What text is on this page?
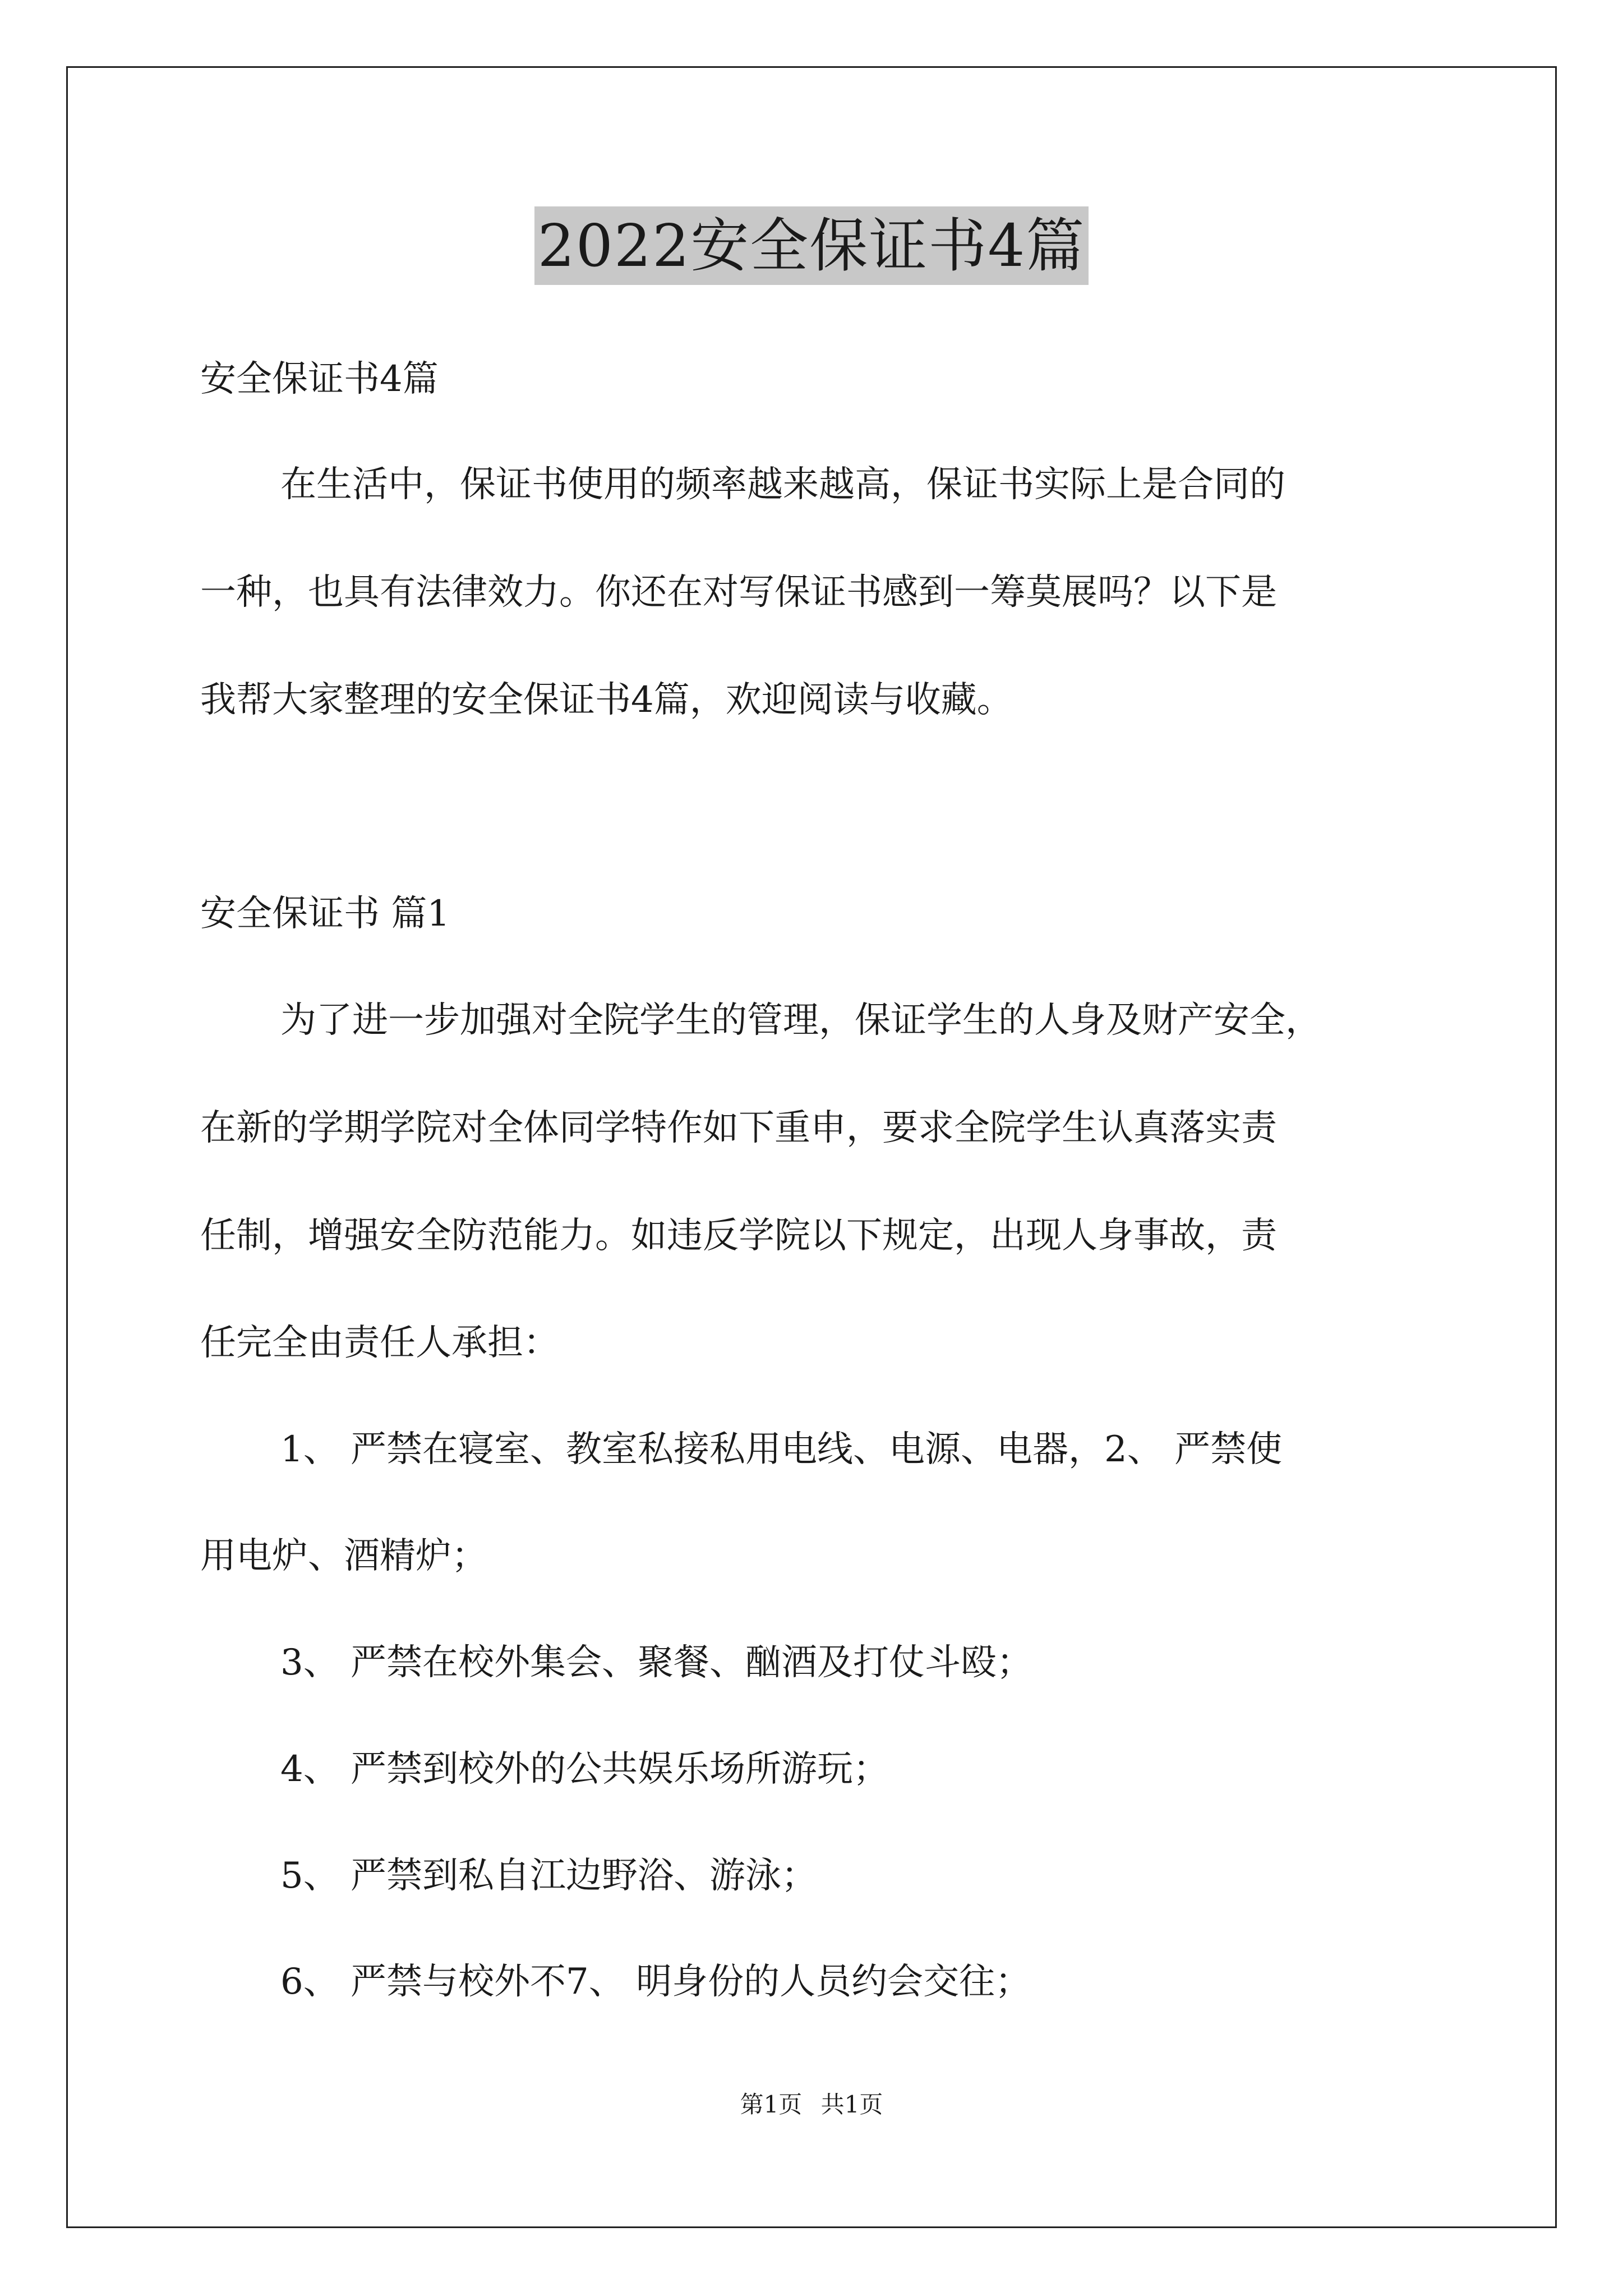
2022安全保证书4篇
安全保证书4篇
在生活中，保证书使用的频率越来越高，保证书实际上是合同的
一种，也具有法律效力。你还在对写保证书感到一筹莫展吗？以下是
我帮大家整理的安全保证书4篇，欢迎阅读与收藏。
安全保证书 篇1
为了进一步加强对全院学生的管理，保证学生的人身及财产安全，
在新的学期学院对全体同学特作如下重申，要求全院学生认真落实责
任制，增强安全防范能力。如违反学院以下规定，出现人身事故，责
任完全由责任人承担：
1、 严禁在寝室、教室私接私用电线、电源、电器，2、 严禁使
用电炉、酒精炉；
3、 严禁在校外集会、聚餐、酗酒及打仗斗殴；
4、 严禁到校外的公共娱乐场所游玩；
5、 严禁到私自江边野浴、游泳；
6、 严禁与校外不7、 明身份的人员约会交往；
第1页 共1页
